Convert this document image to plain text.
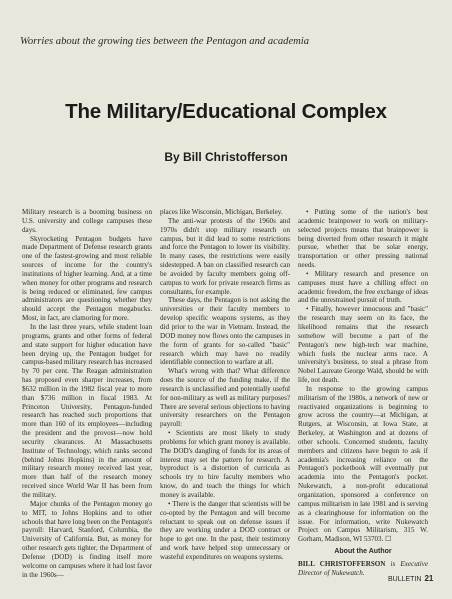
Worries about the growing ties between the Pentagon and academia
The Military/Educational Complex
By Bill Christofferson

Military research is a booming business on U.S. university and college campuses these days.

Skyrocketing Pentagon budgets have made Department of Defense research grants one of the fastest-growing and most reliable sources of income for the country's institutions of higher learning. And, at a time when money for other programs and research is being reduced or eliminated, few campus administrators are questioning whether they should accept the Pentagon megabucks. Most, in fact, are clamoring for more.

In the last three years, while student loan programs, grants and other forms of federal and state support for higher education have been drying up, the Pentagon budget for campus-based military research has increased by 70 per cent. The Reagan administration has proposed even sharper increases, from $632 million in the 1982 fiscal year to more than $736 million in fiscal 1983. At Princeton University, Pentagon-funded research has reached such proportions that more than 160 of its employees—including the president and the provost—now hold security clearances. At Massachusetts Institute of Technology, which ranks second (behind Johns Hopkins) in the amount of military research money received last year, more than half of the research money received since World War II has been from the military.

Major chunks of the Pentagon money go to MIT, to Johns Hopkins and to other schools that have long been on the Pentagon's payroll: Harvard, Stanford, Columbia, the University of California. But, as money for other research gets tighter, the Department of Defense (DOD) is finding itself more welcome on campuses where it had lost favor in the 1960s—

places like Wisconsin, Michigan, Berkeley.

The anti-war protests of the 1960s and 1970s didn't stop military research on campus, but it did lead to some restrictions and force the Pentagon to lower its visibility. In many cases, the restrictions were easily sidestepped. A ban on classified research can be avoided by faculty members going off-campus to work for private research firms as consultants, for example.

These days, the Pentagon is not asking the universities or their faculty members to develop specific weapons systems, as they did prior to the war in Vietnam. Instead, the DOD money now flows onto the campuses in the form of grants for so-called "basic" research which may have no readily identifiable connection to warfare at all.

What's wrong with that? What difference does the source of the funding make, if the research is unclassified and potentially useful for non-military as well as military purposes? There are several serious objections to having university researchers on the Pentagon payroll:

• Scientists are most likely to study problems for which grant money is available. The DOD's dangling of funds for its areas of interest may set the pattern for research. A byproduct is a distortion of curricula as schools try to hire faculty members who know, do and teach the things for which money is available.

• There is the danger that scientists will be co-opted by the Pentagon and will become reluctant to speak out on defense issues if they are working under a DOD contract or hope to get one. In the past, their testimony and work have helped stop unnecessary or wasteful expenditures on weapons systems.

• Putting some of the nation's best academic brainpower to work on military-selected projects means that brainpower is being diverted from other research it might pursue, whether that be solar energy, transportation or other pressing national needs.

• Military research and presence on campuses must have a chilling effect on academic freedom, the free exchange of ideas and the unrestrained pursuit of truth.

• Finally, however innocuous and "basic" the research may seem on its face, the likelihood remains that the research somehow will become a part of the Pentagon's new high-tech war machine, which fuels the nuclear arms race. A university's business, to steal a phrase from Nobel Laureate George Wald, should be with life, not death.

In response to the growing campus militarism of the 1980s, a network of new or reactivated organizations is beginning to grow across the country—at Michigan, at Rutgers, at Wisconsin, at Iowa State, at Berkeley, at Washington and at dozens of other schools. Concerned students, faculty members and citizens have begun to ask if academia's increasing reliance on the Pentagon's pocketbook will eventually put academia into the Pentagon's pocket. Nukewatch, a non-profit educational organization, sponsored a conference on campus militarism in late 1981 and is serving as a clearinghouse for information on the issue. For information, write Nukewatch Project on Campus Militarism, 315 W. Gorham, Madison, WI 53703. ☐

About the Author

BILL CHRISTOFFERSON is Executive Director of Nukewatch.

BULLETIN 21
